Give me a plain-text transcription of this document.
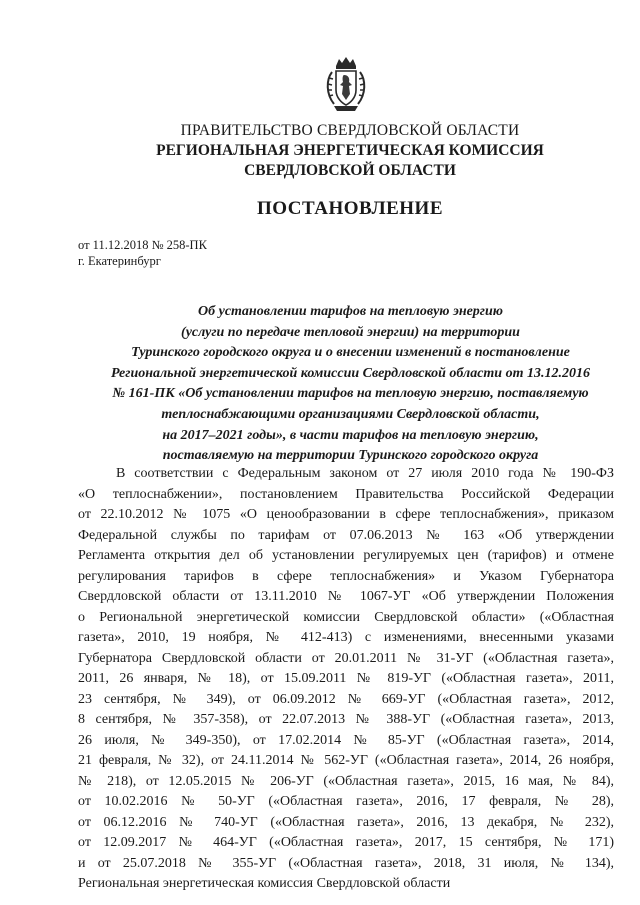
ПРАВИТЕЛЬСТВО СВЕРДЛОВСКОЙ ОБЛАСТИ
РЕГИОНАЛЬНАЯ ЭНЕРГЕТИЧЕСКАЯ КОМИССИЯ
СВЕРДЛОВСКОЙ ОБЛАСТИ
ПОСТАНОВЛЕНИЕ
от 11.12.2018 № 258-ПК
г. Екатеринбург
Об установлении тарифов на тепловую энергию
(услуги по передаче тепловой энергии) на территории
Туринского городского округа и о внесении изменений в постановление
Региональной энергетической комиссии Свердловской области от 13.12.2016
№ 161-ПК «Об установлении тарифов на тепловую энергию, поставляемую
теплоснабжающими организациями Свердловской области,
на 2017–2021 годы», в части тарифов на тепловую энергию,
поставляемую на территории Туринского городского округа
В соответствии с Федеральным законом от 27 июля 2010 года № 190-ФЗ
«О теплоснабжении», постановлением Правительства Российской Федерации
от 22.10.2012 № 1075 «О ценообразовании в сфере теплоснабжения», приказом
Федеральной службы по тарифам от 07.06.2013 № 163 «Об утверждении
Регламента открытия дел об установлении регулируемых цен (тарифов) и отмене
регулирования тарифов в сфере теплоснабжения» и Указом Губернатора
Свердловской области от 13.11.2010 № 1067-УГ «Об утверждении Положения
о Региональной энергетической комиссии Свердловской области» («Областная
газета», 2010, 19 ноября, № 412-413) с изменениями, внесенными указами
Губернатора Свердловской области от 20.01.2011 № 31-УГ («Областная газета»,
2011, 26 января, № 18), от 15.09.2011 № 819-УГ («Областная газета», 2011,
23 сентября, № 349), от 06.09.2012 № 669-УГ («Областная газета», 2012,
8 сентября, № 357-358), от 22.07.2013 № 388-УГ («Областная газета», 2013,
26 июля, № 349-350), от 17.02.2014 № 85-УГ («Областная газета», 2014,
21 февраля, № 32), от 24.11.2014 № 562-УГ («Областная газета», 2014, 26 ноября,
№ 218), от 12.05.2015 № 206-УГ («Областная газета», 2015, 16 мая, № 84),
от 10.02.2016 № 50-УГ («Областная газета», 2016, 17 февраля, № 28),
от 06.12.2016 № 740-УГ («Областная газета», 2016, 13 декабря, № 232),
от 12.09.2017 № 464-УГ («Областная газета», 2017, 15 сентября, № 171)
и от 25.07.2018 № 355-УГ («Областная газета», 2018, 31 июля, № 134),
Региональная энергетическая комиссия Свердловской области
